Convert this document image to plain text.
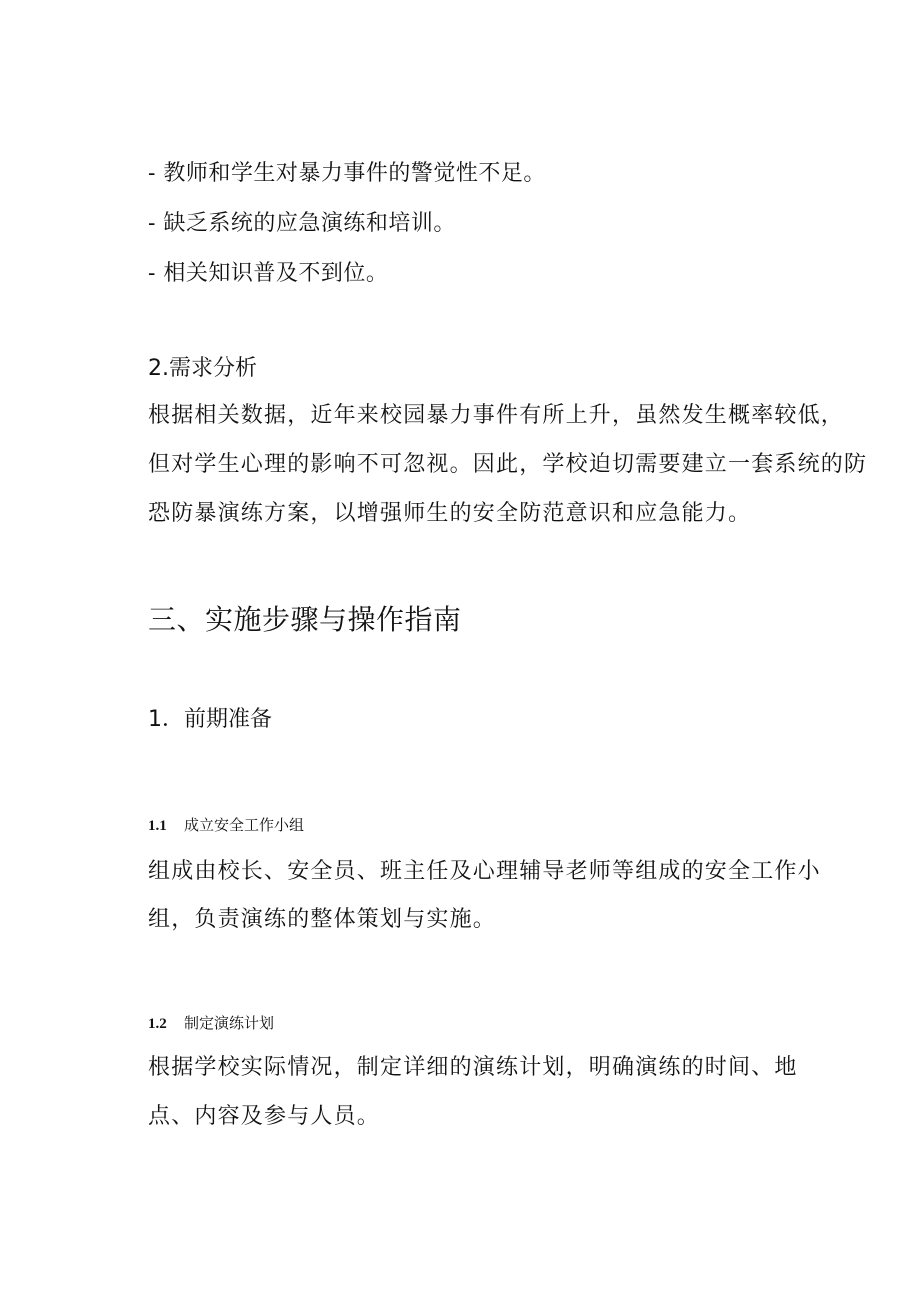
- 教师和学生对暴力事件的警觉性不足。

- 缺乏系统的应急演练和培训。

- 相关知识普及不到位。

2.需求分析

根据相关数据，近年来校园暴力事件有所上升，虽然发生概率较低，

但对学生心理的影响不可忽视。因此，学校迫切需要建立一套系统的防

恐防暴演练方案，以增强师生的安全防范意识和应急能力。

三、实施步骤与操作指南
1．前期准备
1.1 成立安全工作小组

组成由校长、安全员、班主任及心理辅导老师等组成的安全工作小

组，负责演练的整体策划与实施。

1.2 制定演练计划

根据学校实际情况，制定详细的演练计划，明确演练的时间、地

点、内容及参与人员。
